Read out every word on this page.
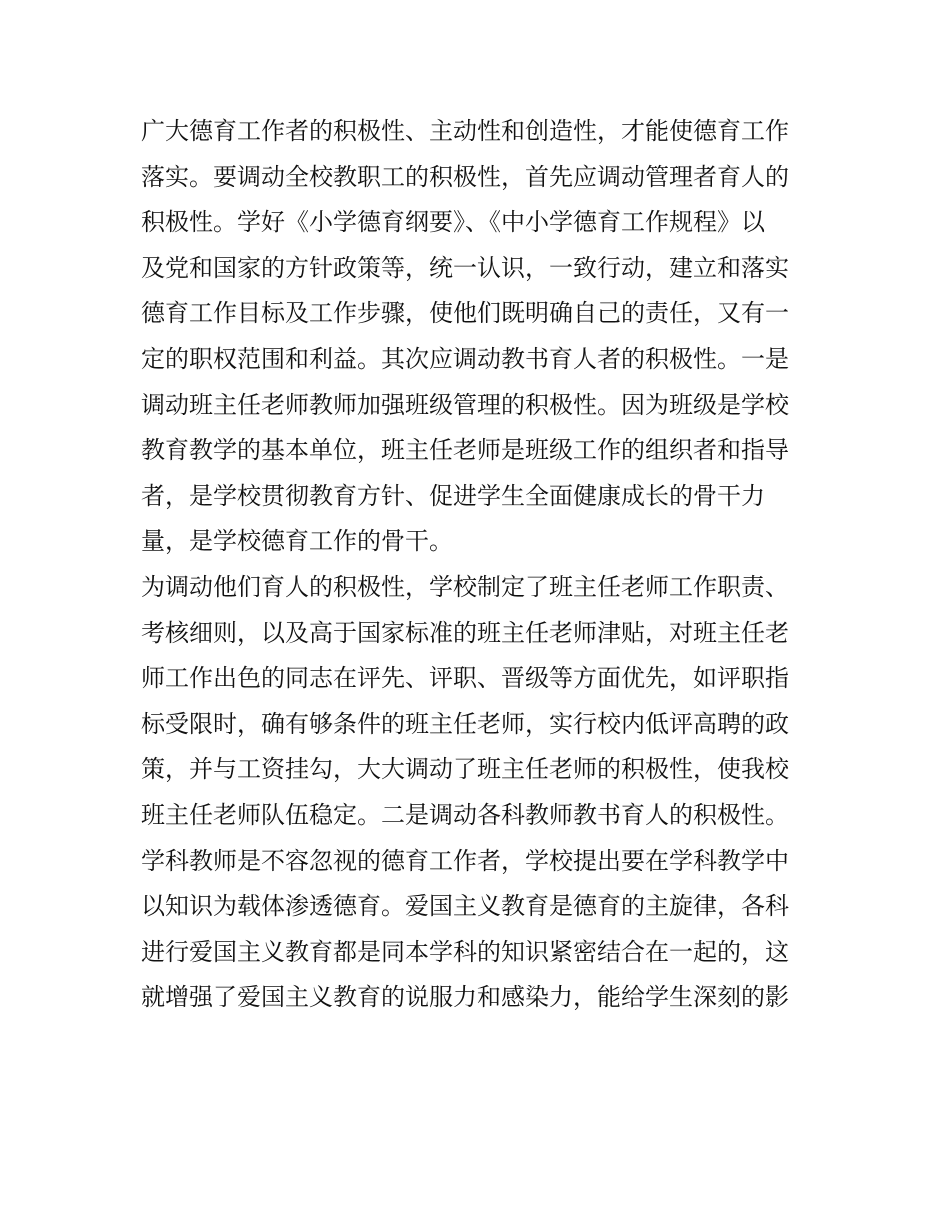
广大德育工作者的积极性、主动性和创造性，才能使德育工作
落实。要调动全校教职工的积极性，首先应调动管理者育人的
积极性。学好《小学德育纲要》、《中小学德育工作规程》以
及党和国家的方针政策等，统一认识，一致行动，建立和落实
德育工作目标及工作步骤，使他们既明确自己的责任，又有一
定的职权范围和利益。其次应调动教书育人者的积极性。一是
调动班主任老师教师加强班级管理的积极性。因为班级是学校
教育教学的基本单位，班主任老师是班级工作的组织者和指导
者，是学校贯彻教育方针、促进学生全面健康成长的骨干力
量，是学校德育工作的骨干。
为调动他们育人的积极性，学校制定了班主任老师工作职责、
考核细则，以及高于国家标准的班主任老师津贴，对班主任老
师工作出色的同志在评先、评职、晋级等方面优先，如评职指
标受限时，确有够条件的班主任老师，实行校内低评高聘的政
策，并与工资挂勾，大大调动了班主任老师的积极性，使我校
班主任老师队伍稳定。二是调动各科教师教书育人的积极性。
学科教师是不容忽视的德育工作者，学校提出要在学科教学中
以知识为载体渗透德育。爱国主义教育是德育的主旋律，各科
进行爱国主义教育都是同本学科的知识紧密结合在一起的，这
就增强了爱国主义教育的说服力和感染力，能给学生深刻的影
